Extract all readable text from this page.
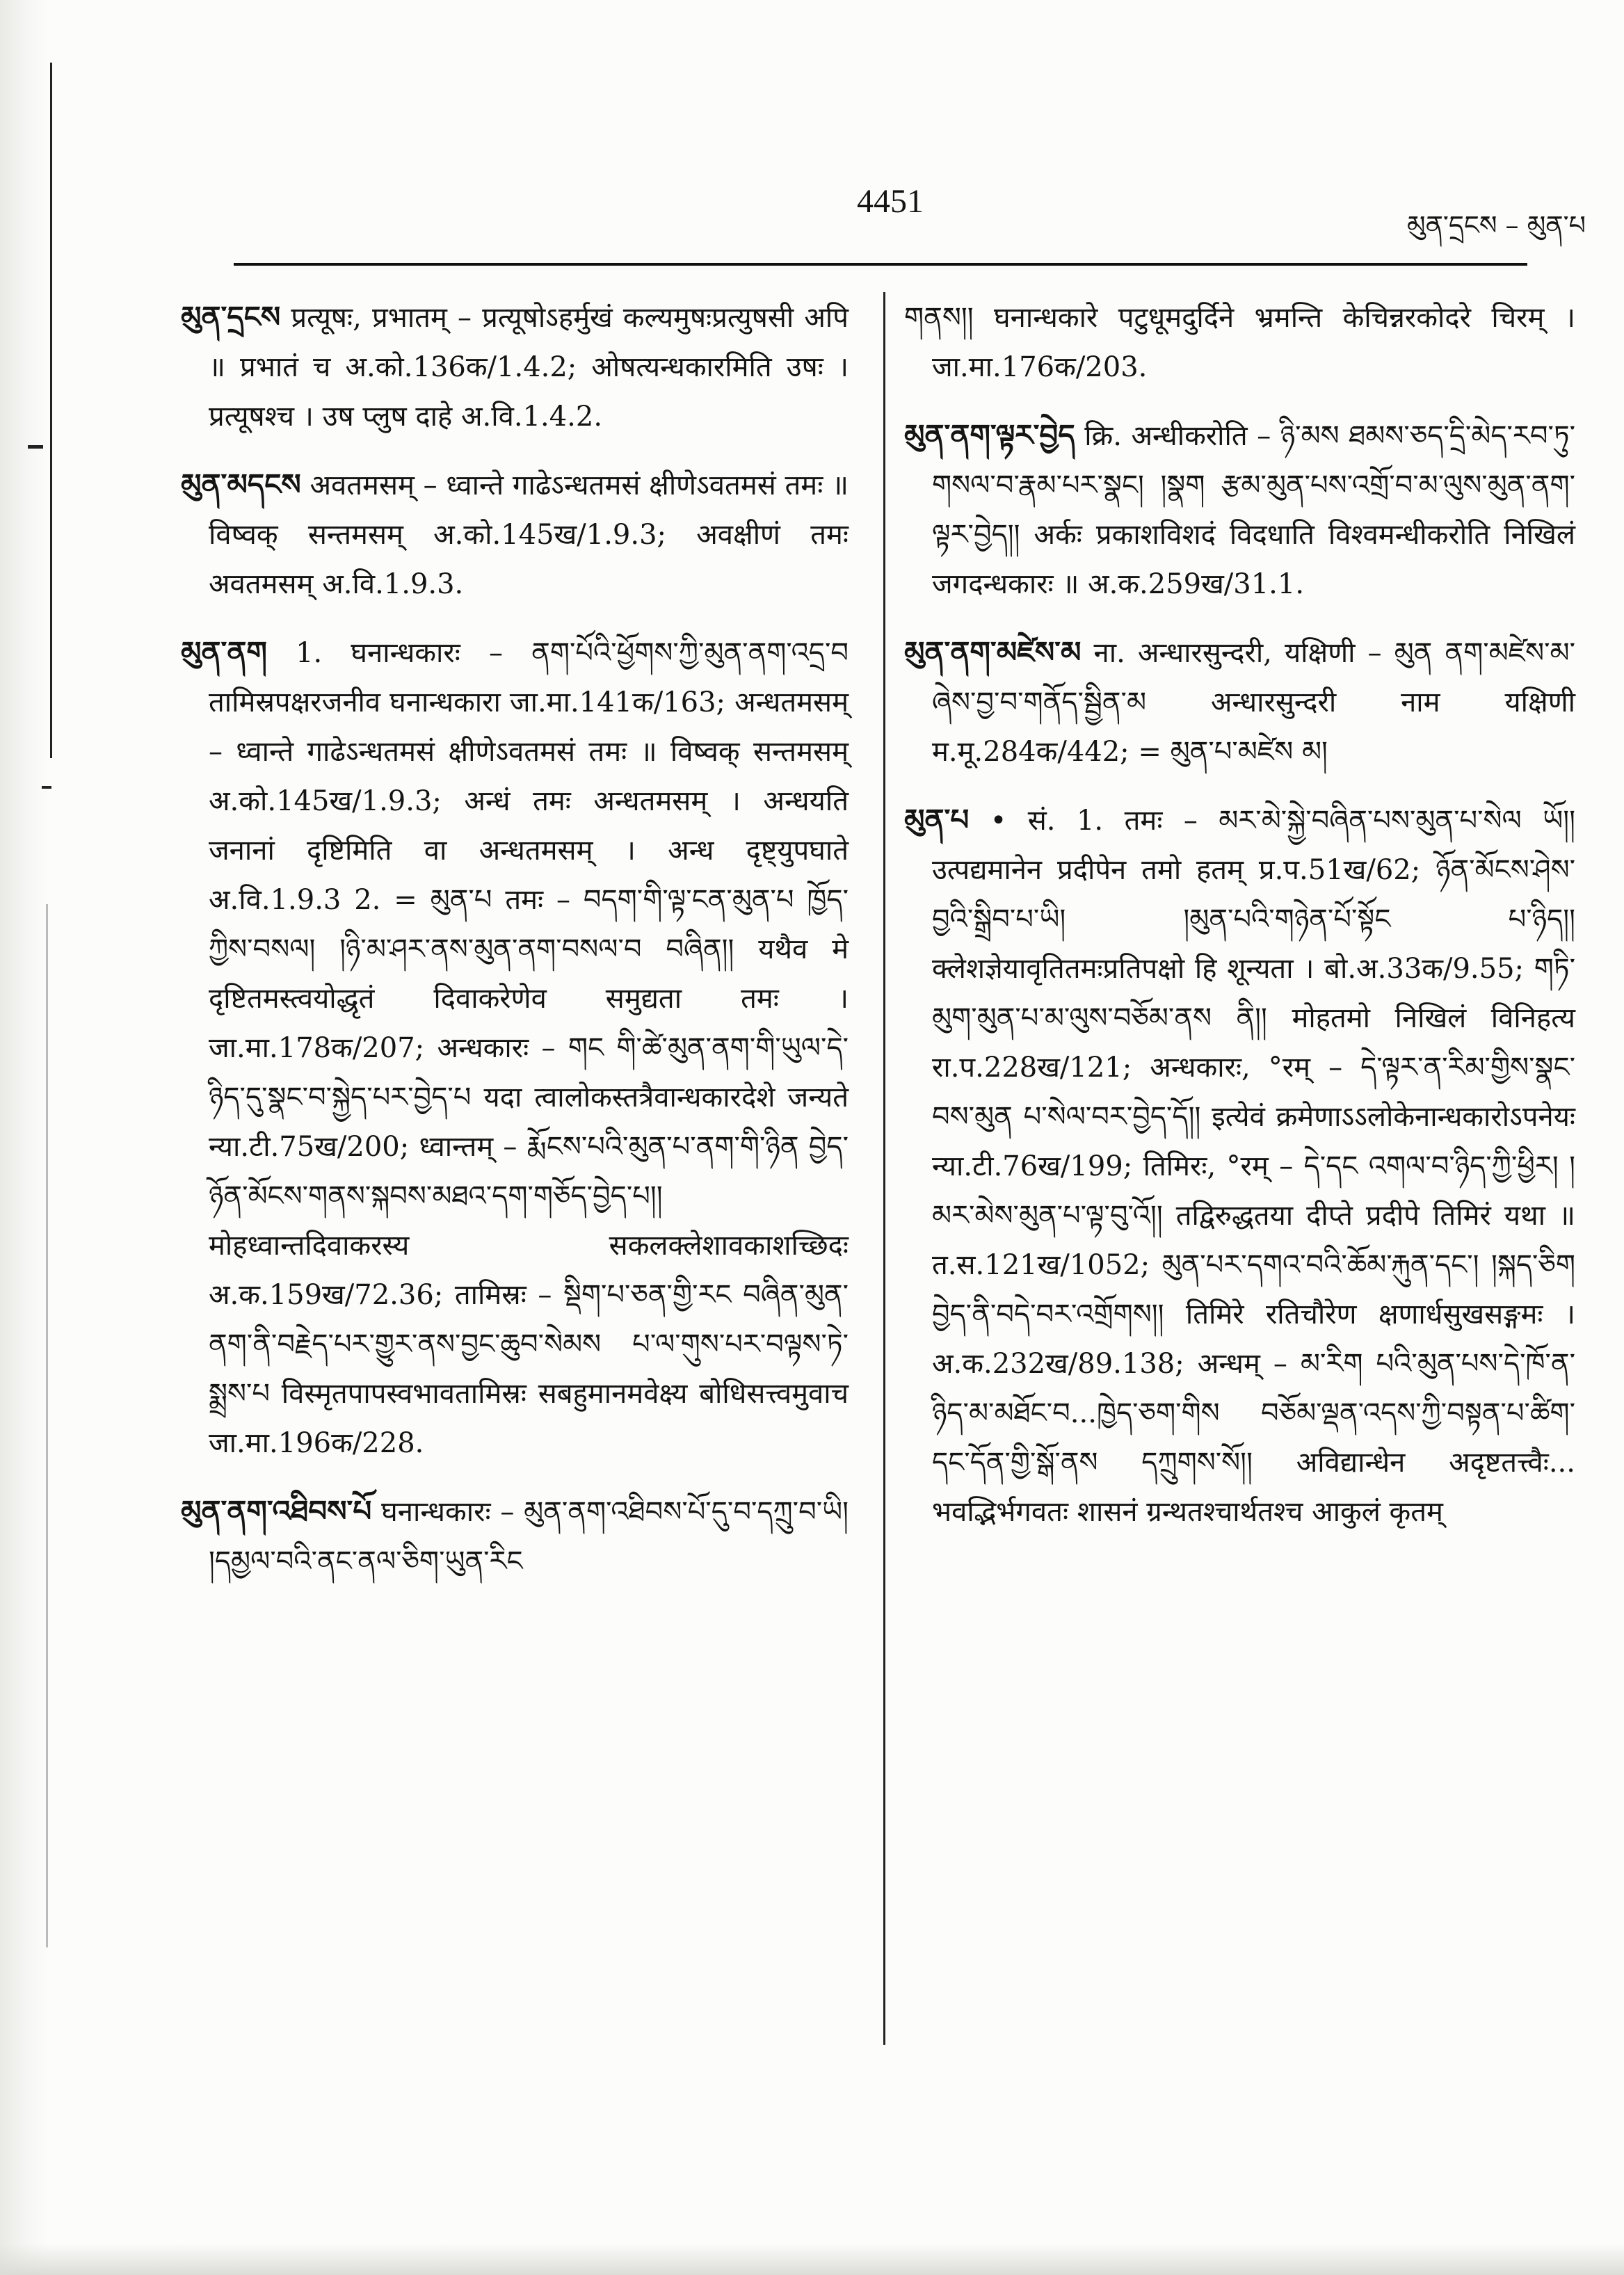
4451
མུན་དྲངས – མུན་པ

མུན་དྲངས प्रत्यूषः, प्रभातम् – प्रत्यूषोऽहर्मुखं कल्यमुषःप्रत्युषसी अपि ॥ प्रभातं च अ.को.136क/1.4.2; ओषत्यन्धकारमिति उषः । प्रत्यूषश्च । उष प्लुष दाहे अ.वि.1.4.2.

མུན་མདངས अवतमसम् – ध्वान्ते गाढेऽन्धतमसं क्षीणेऽवतमसं तमः ॥ विष्वक् सन्तमसम् अ.को.145ख/1.9.3; अवक्षीणं तमः अवतमसम् अ.वि.1.9.3.

མུན་ནག 1. घनान्धकारः – ནག་པོའི་ཕྱོགས་ཀྱི་མུན་ནག་འདྲ་བ तामिस्रपक्षरजनीव घनान्धकारा जा.मा.141क/163; अन्धतमसम् – ध्वान्ते गाढेऽन्धतमसं क्षीणेऽवतमसं तमः ॥ विष्वक् सन्तमसम् अ.को.145ख/1.9.3; अन्धं तमः अन्धतमसम् । अन्धयति जनानां दृष्टिमिति वा अन्धतमसम् । अन्ध दृष्ट्युपघाते अ.वि.1.9.3 2. = མུན་པ तमः – བདག་གི་ལྟ་ངན་མུན་པ ཁྱོད་ཀྱིས་བསལ། །ཉི་མ་ཤར་ནས་མུན་ནག་བསལ་བ བཞིན།། यथैव मे दृष्टितमस्त्वयोद्धृतं दिवाकरेणेव समुद्यता तमः । जा.मा.178क/207; अन्धकारः – གང གི་ཚེ་མུན་ནག་གི་ཡུལ་དེ་ཉིད་དུ་སྣང་བ་སྐྱེད་པར་བྱེད་པ यदा त्वालोकस्तत्रैवान्धकारदेशे जन्यते न्या.टी.75ख/200; ध्वान्तम् – རྨོངས་པའི་མུན་པ་ནག་གི་ཉིན བྱེད་ཉོན་མོངས་གནས་སྐབས་མཐའ་དག་གཅོད་བྱེད་པ།། मोहध्वान्तदिवाकरस्य सकलक्लेशावकाशच्छिदः अ.क.159ख/72.36; तामिस्रः – སྡིག་པ་ཅན་གྱི་རང བཞིན་མུན་ནག་ནི་བརྗེད་པར་གྱུར་ནས་བྱང་ཆུབ་སེམས པ་ལ་གུས་པར་བལྟས་ཏེ་སྨྲས་པ विस्मृतपापस्वभावतामिस्रः सबहुमानमवेक्ष्य बोधिसत्त्वमुवाच जा.मा.196क/228.

མུན་ནག་འཐིབས་པོ घनान्धकारः – མུན་ནག་འཐིབས་པོ་དུ་བ་དཀྲུ་བ་ཡི། །དམྱལ་བའི་ནང་ནལ་ཅིག་ཡུན་རིང

གནས།། घनान्धकारे पटुधूमदुर्दिने भ्रमन्ति केचिन्नरकोदरे चिरम् । जा.मा.176क/203.

མུན་ནག་ལྟར་བྱེད क्रि. अन्धीकरोति – ཉི་མས ཐམས་ཅད་དྲི་མེད་རབ་ཏུ་གསལ་བ་རྣམ་པར་སྣང། །སྣག རྩམ་མུན་པས་འགྲོ་བ་མ་ལུས་མུན་ནག་ལྟར་བྱེད།། अर्कः प्रकाशविशदं विदधाति विश्वमन्धीकरोति निखिलं जगदन्धकारः ॥ अ.क.259ख/31.1.

མུན་ནག་མཛེས་མ ना. अन्धारसुन्दरी, यक्षिणी – མུན ནག་མཛེས་མ་ཞེས་བྱ་བ་གནོད་སྦྱིན་མ अन्धारसुन्दरी नाम यक्षिणी म.मू.284क/442; = མུན་པ་མཛེས མ།

མུན་པ • सं. 1. तमः – མར་མེ་སྐྱེ་བཞིན་པས་མུན་པ་སེལ ཡོ།། उत्पद्यमानेन प्रदीपेन तमो हतम् प्र.प.51ख/62; ཉོན་མོངས་ཤེས་བྱའི་སྒྲིབ་པ་ཡི། །མུན་པའི་གཉེན་པོ་སྟོང པ་ཉིད།། क्लेशज्ञेयावृतितमःप्रतिपक्षो हि शून्यता । बो.अ.33क/9.55; གཏི་མུག་མུན་པ་མ་ལུས་བཅོམ་ནས ནི།། मोहतमो निखिलं विनिहत्य रा.प.228ख/121; अन्धकारः, °रम् – དེ་ལྟར་ན་རིམ་གྱིས་སྣང་བས་མུན པ་སེལ་བར་བྱེད་དོ།། इत्येवं क्रमेणाऽऽलोकेनान्धकारोऽपनेयः न्या.टी.76ख/199; तिमिरः, °रम् – དེ་དང འགལ་བ་ཉིད་ཀྱི་ཕྱིར། །མར་མེས་མུན་པ་ལྟ་བུ་འོ།། तद्विरुद्धतया दीप्ते प्रदीपे तिमिरं यथा ॥ त.स.121ख/1052; མུན་པར་དགའ་བའི་ཆོམ་རྐུན་དང་། །སྐད་ཅིག བྱེད་ནི་བདེ་བར་འགྲོགས།། तिमिरे रतिचौरेण क्षणार्धसुखसङ्गमः । अ.क.232ख/89.138; अन्धम् – མ་རིག པའི་མུན་པས་དེ་ཁོ་ན་ཉིད་མ་མཐོང་བ...ཁྱེད་ཅག་གིས བཅོམ་ལྡན་འདས་ཀྱི་བསྟན་པ་ཚིག་དང་དོན་གྱི་སྒོ་ནས དཀྲུགས་སོ།། अविद्यान्धेन अदृष्टतत्त्वैः... भवद्भिर्भगवतः शासनं ग्रन्थतश्चार्थतश्च आकुलं कृतम्
